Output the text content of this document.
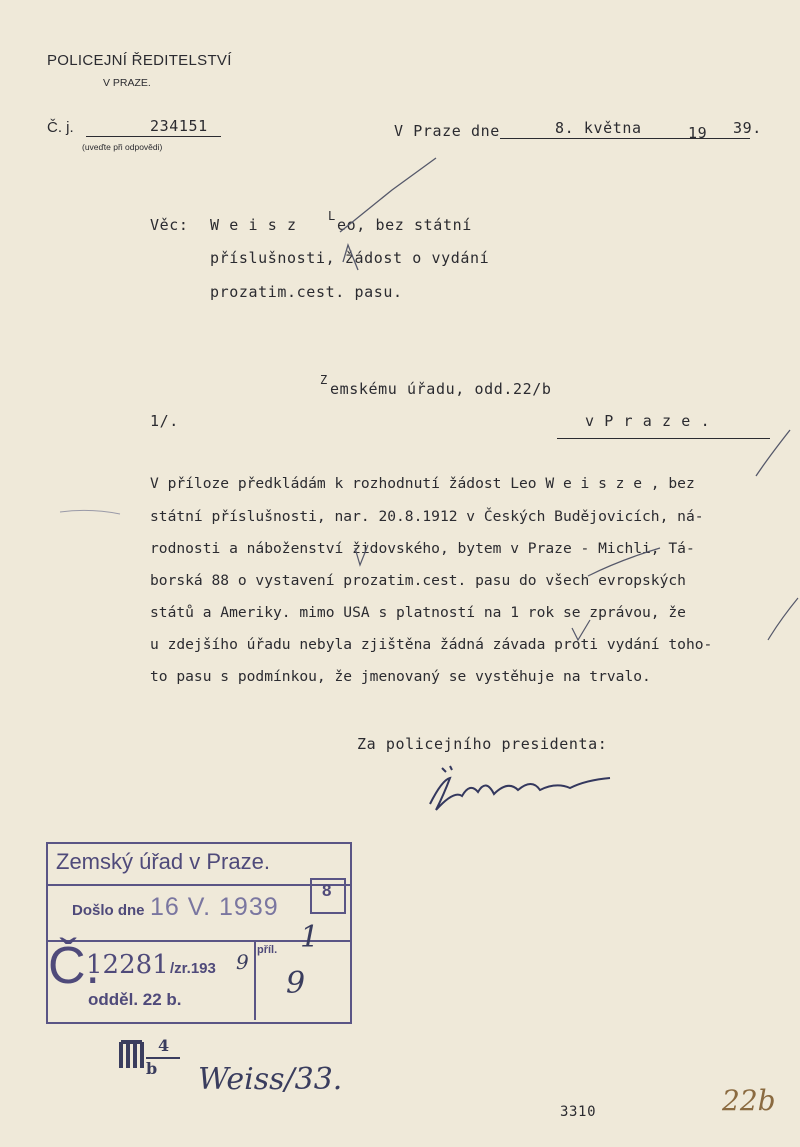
POLICEJNÍ ŘEDITELSTVÍ
V PRAZE.
Č. j.	234151
(uveďte při odpovědi)
V Praze dne	8. května	19 39.
Věc: W e i s z	L eo, bez státní
příslušnosti, žádost o vydání
prozatim.cest. pasu.
Z emskému úřadu, odd.22/b
1/.	v P r a z e .
V příloze předkládám k rozhodnutí žádost Leo W e i s z e , bez
státní příslušnosti, nar. 20.8.1912 v Českých Budějovicích, ná-
rodnosti a náboženství židovského, bytem v Praze - Michli, Tá-
borská 88 o vystavení prozatim.cest. pasu do všech evropských
států a Ameriky. mimo USA s platností na 1 rok se zprávou, že
u zdejšího úřadu nebyla zjištěna žádná závada proti vydání toho-
to pasu s podmínkou, že jmenovaný se vystěhuje na trvalo.
Za policejního presidenta:
Zemský úřad v Praze.
Došlo dne 16 V. 1939
8
Č.
12281 /zr.193 9 příl. 1
9
odděl. 22 b.
4
b Weiss/33.
3310	22b
